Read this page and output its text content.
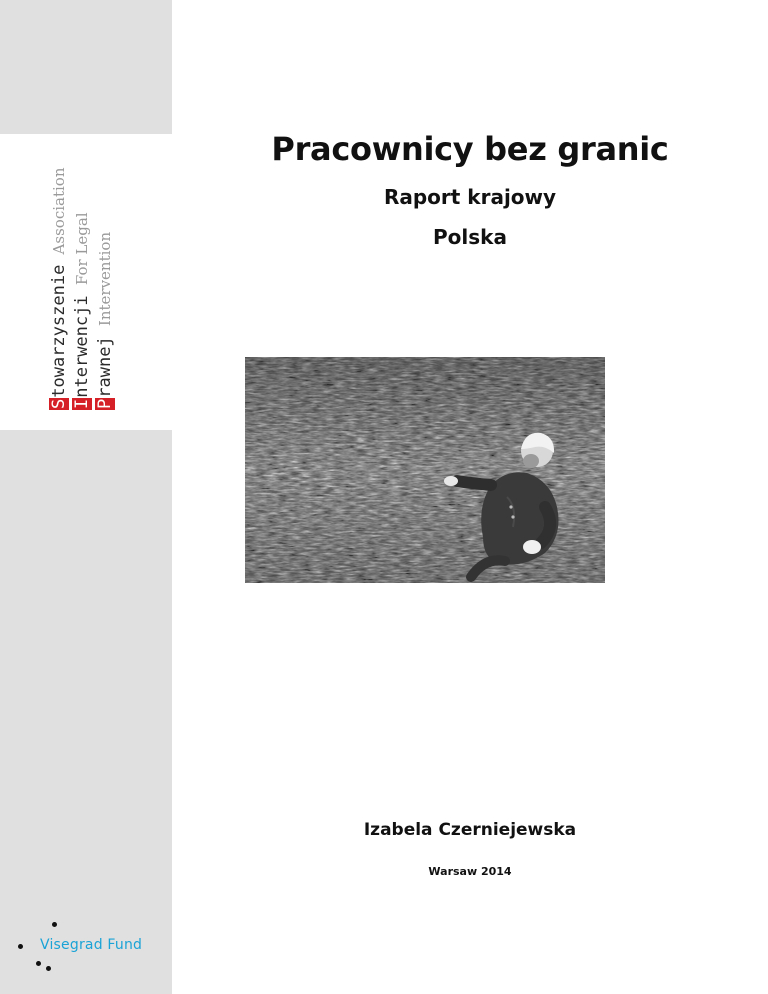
Stowarzyszenie Association
Interwencji For Legal
Prawnej Intervention
Visegrad Fund
Pracownicy bez granic
Raport krajowy
Polska
Izabela Czerniejewska
Warsaw 2014
